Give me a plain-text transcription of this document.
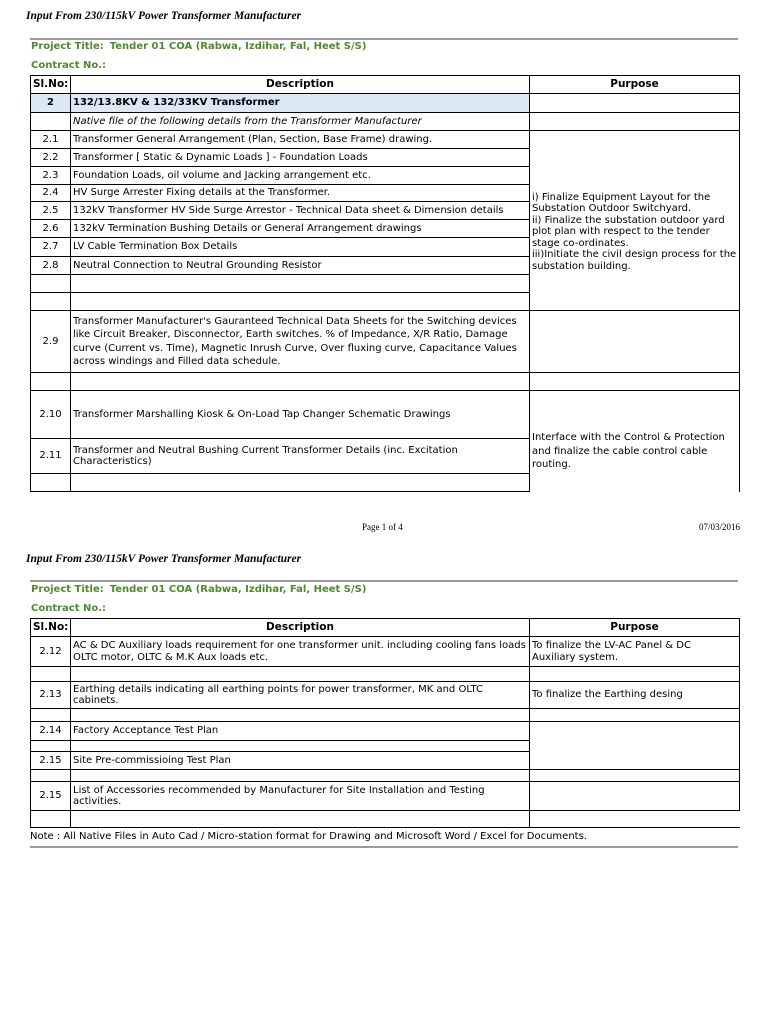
Input From 230/115kV Power Transformer Manufacturer
Project Title: Tender 01 COA (Rabwa, Izdihar, Fal, Heet S/S)
Contract No.:
Sl.No:	Description	Purpose
2	132/13.8KV & 132/33KV Transformer	
	Native file of the following details from the Transformer Manufacturer	
2.1	Transformer General Arrangement (Plan, Section, Base Frame) drawing.	i) Finalize Equipment Layout for the Substation Outdoor Switchyard.
ii) Finalize the substation outdoor yard plot plan with respect to the tender stage co-ordinates.
iii)Initiate the civil design process for the substation building.

2.2	Transformer [ Static & Dynamic Loads ] - Foundation Loads	
2.3	Foundation Loads, oil volume and Jacking arrangement etc.	
2.4	HV Surge Arrester Fixing details at the Transformer.	
2.5	132kV Transformer HV Side Surge Arrestor - Technical Data sheet & Dimension details	
2.6	132kV Termination Bushing Details or General Arrangement drawings	
2.7	LV Cable Termination Box Details	
2.8	Neutral Connection to Neutral Grounding Resistor	

2.9	Transformer Manufacturer's Gauranteed Technical Data Sheets for the Switching devices like Circuit Breaker, Disconnector, Earth switches. % of Impedance, X/R Ratio, Damage curve (Current vs. Time), Magnetic Inrush Curve, Over fluxing curve, Capacitance Values across windings and Filled data schedule.	

2.10	Transformer Marshalling Kiosk & On-Load Tap Changer Schematic Drawings	Interface with the Control & Protection and finalize the cable control cable routing.

2.11	Transformer and Neutral Bushing Current Transformer Details (inc. Excitation Characteristics)	

Page 1 of 4	07/03/2016
Input From 230/115kV Power Transformer Manufacturer
Project Title: Tender 01 COA (Rabwa, Izdihar, Fal, Heet S/S)
Contract No.:
Sl.No:	Description	Purpose
2.12	AC & DC Auxiliary loads requirement for one transformer unit. including cooling fans loads OLTC motor, OLTC & M.K Aux loads etc.	To finalize the LV-AC Panel & DC Auxiliary system.

2.13	Earthing details indicating all earthing points for power transformer, MK and OLTC cabinets.	To finalize the Earthing desing

2.14	Factory Acceptance Test Plan	

2.15	Site Pre-commissioing Test Plan	

2.15	List of Accessories recommended by Manufacturer for Site Installation and Testing activities.	

Note : All Native Files in Auto Cad / Micro-station format for Drawing and Microsoft Word / Excel for Documents.
